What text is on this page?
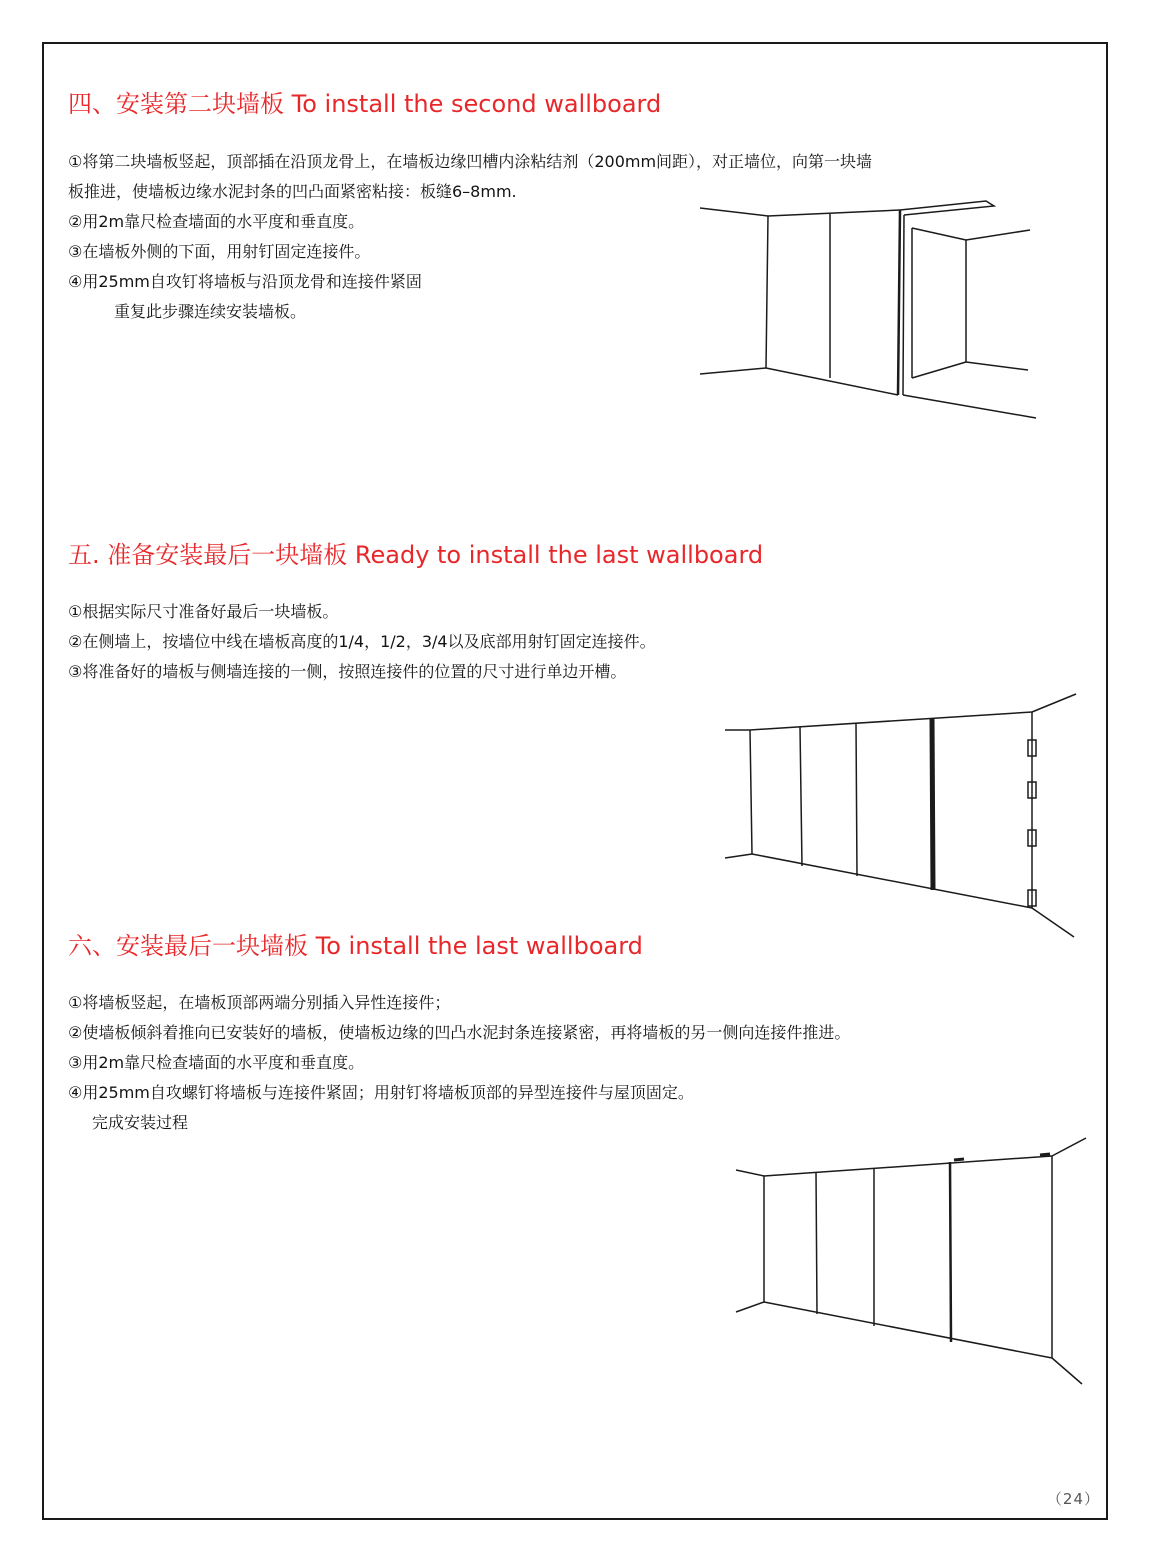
四、安装第二块墙板 To install the second wallboard
①将第二块墙板竖起，顶部插在沿顶龙骨上，在墙板边缘凹槽内涂粘结剂（200mm间距），对正墙位，向第一块墙
板推进，使墙板边缘水泥封条的凹凸面紧密粘接：板缝6–8mm.
②用2m靠尺检查墙面的水平度和垂直度。
③在墙板外侧的下面，用射钉固定连接件。
④用25mm自攻钉将墙板与沿顶龙骨和连接件紧固
重复此步骤连续安装墙板。
五. 准备安装最后一块墙板 Ready to install the last wallboard
①根据实际尺寸准备好最后一块墙板。
②在侧墙上，按墙位中线在墙板高度的1/4，1/2，3/4以及底部用射钉固定连接件。
③将准备好的墙板与侧墙连接的一侧，按照连接件的位置的尺寸进行单边开槽。
六、安装最后一块墙板 To install the last wallboard
①将墙板竖起，在墙板顶部两端分别插入异性连接件；
②使墙板倾斜着推向已安装好的墙板，使墙板边缘的凹凸水泥封条连接紧密，再将墙板的另一侧向连接件推进。
③用2m靠尺检查墙面的水平度和垂直度。
④用25mm自攻螺钉将墙板与连接件紧固；用射钉将墙板顶部的异型连接件与屋顶固定。
完成安装过程
（24）
